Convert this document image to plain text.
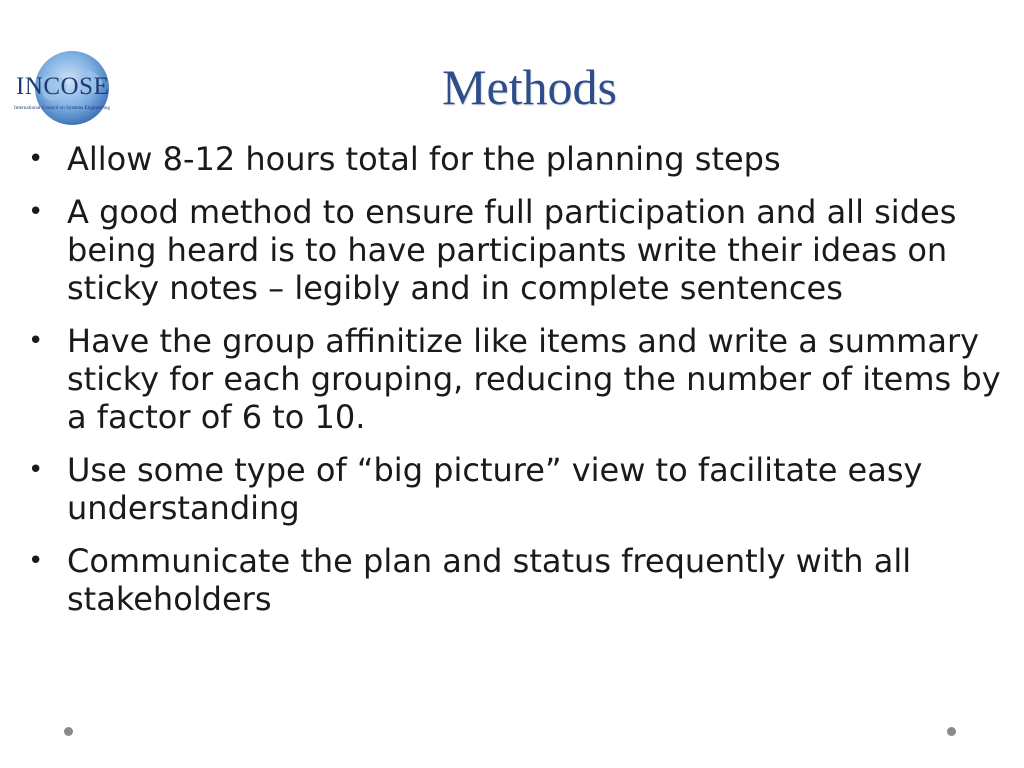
INCOSE
International Council on Systems Engineering	Methods
• Allow 8-12 hours total for the planning steps
• A good method to ensure full participation and all sides being heard is to have participants write their ideas on sticky notes – legibly and in complete sentences
• Have the group affinitize like items and write a summary sticky for each grouping, reducing the number of items by a factor of 6 to 10.
• Use some type of “big picture” view to facilitate easy understanding
• Communicate the plan and status frequently with all stakeholders
